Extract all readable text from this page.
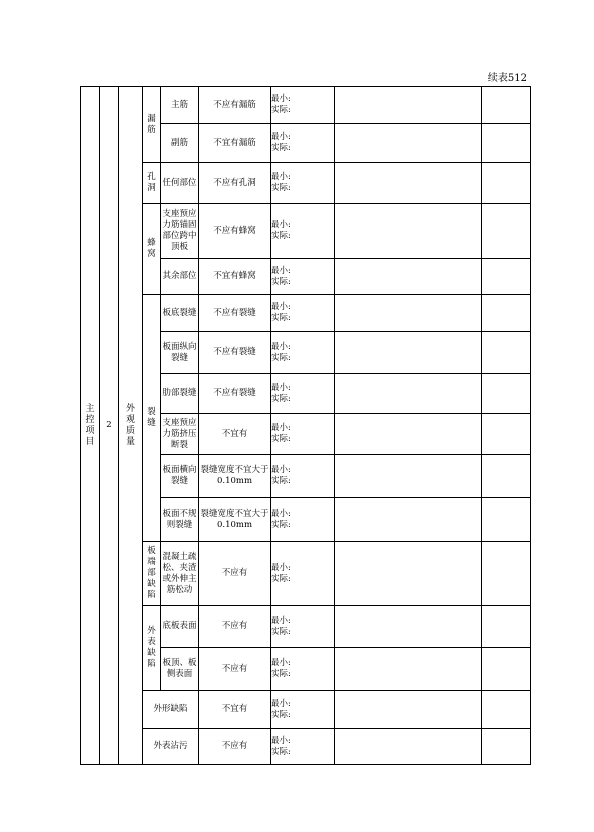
续表512
主控项目	2	外观质量	漏筋	主筋	不应有漏筋	最小:
实际:		

				副筋	不宜有漏筋	最小:
实际:		

			孔洞	任何部位	不应有孔洞	最小:
实际:		

			蜂窝	支座预应力筋锚固部位跨中顶板	不应有蜂窝	最小:
实际:		

				其余部位	不宜有蜂窝	最小:
实际:		

			裂缝	板底裂缝	不应有裂缝	最小:
实际:		

				板面纵向裂缝	不应有裂缝	最小:
实际:		

				肋部裂缝	不应有裂缝	最小:
实际:		

				支座预应力筋挤压断裂	不宜有	最小:
实际:		

				板面横向裂缝	裂缝宽度不宜大于0.10mm	最小:
实际:		

				板面不规则裂缝	裂缝宽度不宜大于0.10mm	最小:
实际:		

			板端部缺陷	混凝土疏松、夹渣或外伸主筋松动	不应有	最小:
实际:		

			外表缺陷	底板表面	不应有	最小:
实际:		

				板顶、板侧表面	不应有	最小:
实际:		

			外形缺陷		不宜有	最小:
实际:		

			外表沾污		不应有	最小:
实际:		
